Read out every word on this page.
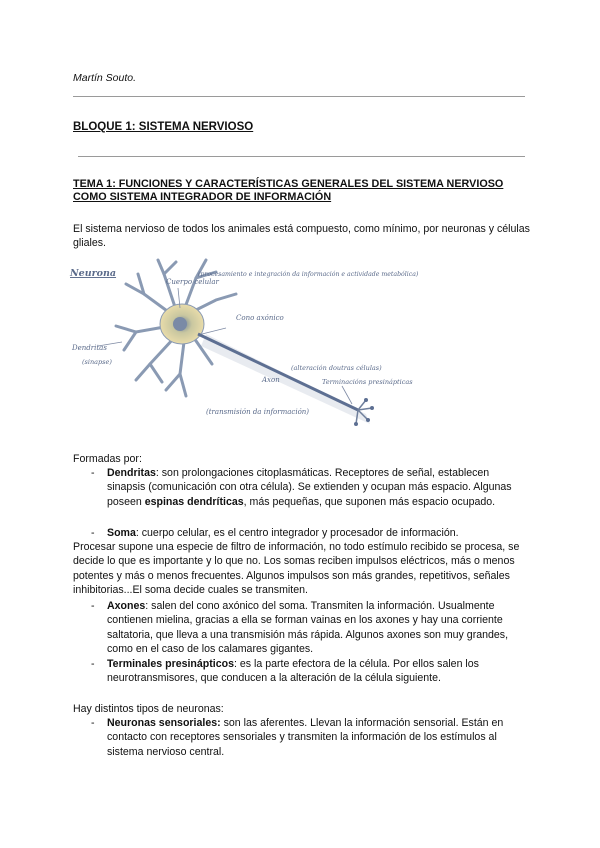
Martín Souto.
BLOQUE 1: SISTEMA NERVIOSO
TEMA 1: FUNCIONES Y CARACTERÍSTICAS GENERALES DEL SISTEMA NERVIOSO COMO SISTEMA INTEGRADOR DE INFORMACIÓN
El sistema nervioso de todos los animales está compuesto, como mínimo, por neuronas y células gliales.
Neurona
Cuerpo celular
(procesamiento e integración da información e actividade metabólica)
Cono axónico
Dendritas
(sinapse)
(alteración doutras células)
Axon	Terminacións presinápticas
(transmisión da información)
Formadas por:
- Dendritas: son prolongaciones citoplasmáticas. Receptores de señal, establecen sinapsis (comunicación con otra célula). Se extienden y ocupan más espacio. Algunas poseen espinas dendríticas, más pequeñas, que suponen más espacio ocupado.
- Soma: cuerpo celular, es el centro integrador y procesador de información.
Procesar supone una especie de filtro de información, no todo estímulo recibido se procesa, se decide lo que es importante y lo que no. Los somas reciben impulsos eléctricos, más o menos potentes y más o menos frecuentes. Algunos impulsos son más grandes, repetitivos, señales inhibitorias...El soma decide cuales se transmiten.
- Axones: salen del cono axónico del soma. Transmiten la información. Usualmente contienen mielina, gracias a ella se forman vainas en los axones y hay una corriente saltatoria, que lleva a una transmisión más rápida. Algunos axones son muy grandes, como en el caso de los calamares gigantes.
- Terminales presinápticos: es la parte efectora de la célula. Por ellos salen los neurotransmisores, que conducen a la alteración de la célula siguiente.
Hay distintos tipos de neuronas:
- Neuronas sensoriales: son las aferentes. Llevan la información sensorial. Están en contacto con receptores sensoriales y transmiten la información de los estímulos al sistema nervioso central.
